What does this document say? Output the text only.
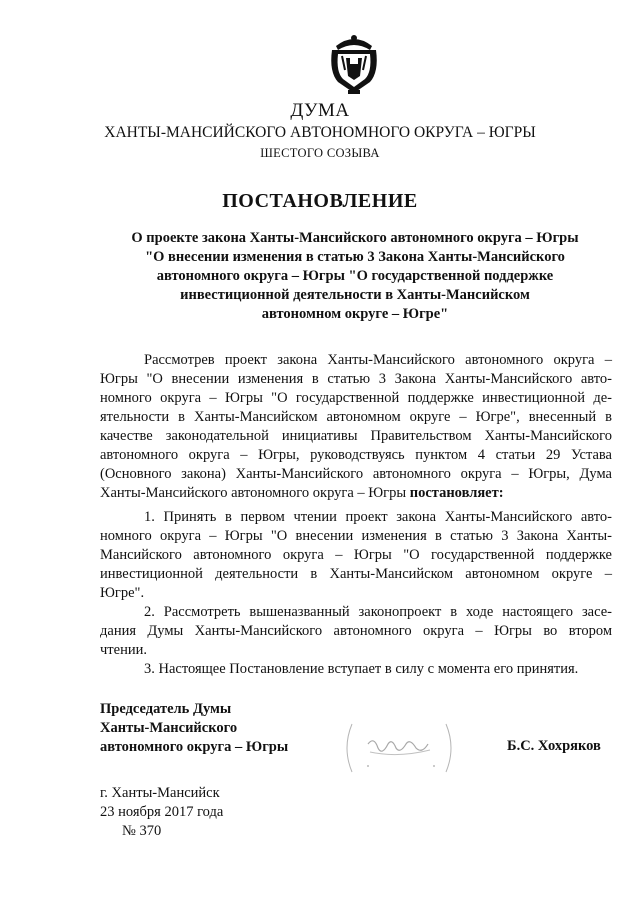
ДУМА
ХАНТЫ-МАНСИЙСКОГО АВТОНОМНОГО ОКРУГА – ЮГРЫ
ШЕСТОГО СОЗЫВА
ПОСТАНОВЛЕНИЕ
О проекте закона Ханты-Мансийского автономного округа – Югры
"О внесении изменения в статью 3 Закона Ханты-Мансийского
автономного округа – Югры "О государственной поддержке
инвестиционной деятельности в Ханты-Мансийском
автономном округе – Югре"
Рассмотрев проект закона Ханты-Мансийского автономного округа –
Югры "О внесении изменения в статью 3 Закона Ханты-Мансийского авто-
номного округа – Югры "О государственной поддержке инвестиционной де-
ятельности в Ханты-Мансийском автономном округе – Югре", внесенный в
качестве законодательной инициативы Правительством Ханты-Мансийского
автономного округа – Югры, руководствуясь пунктом 4 статьи 29 Устава
(Основного закона) Ханты-Мансийского автономного округа – Югры, Дума
Ханты-Мансийского автономного округа – Югры постановляет:
1. Принять в первом чтении проект закона Ханты-Мансийского авто-
номного округа – Югры "О внесении изменения в статью 3 Закона Ханты-
Мансийского автономного округа – Югры "О государственной поддержке
инвестиционной деятельности в Ханты-Мансийском автономном округе –
Югре".
2. Рассмотреть вышеназванный законопроект в ходе настоящего засе-
дания Думы Ханты-Мансийского автономного округа – Югры во втором
чтении.
3. Настоящее Постановление вступает в силу с момента его принятия.
Председатель Думы
Ханты-Мансийского
автономного округа – Югры	Б.С. Хохряков
г. Ханты-Мансийск
23 ноября 2017 года
№ 370
